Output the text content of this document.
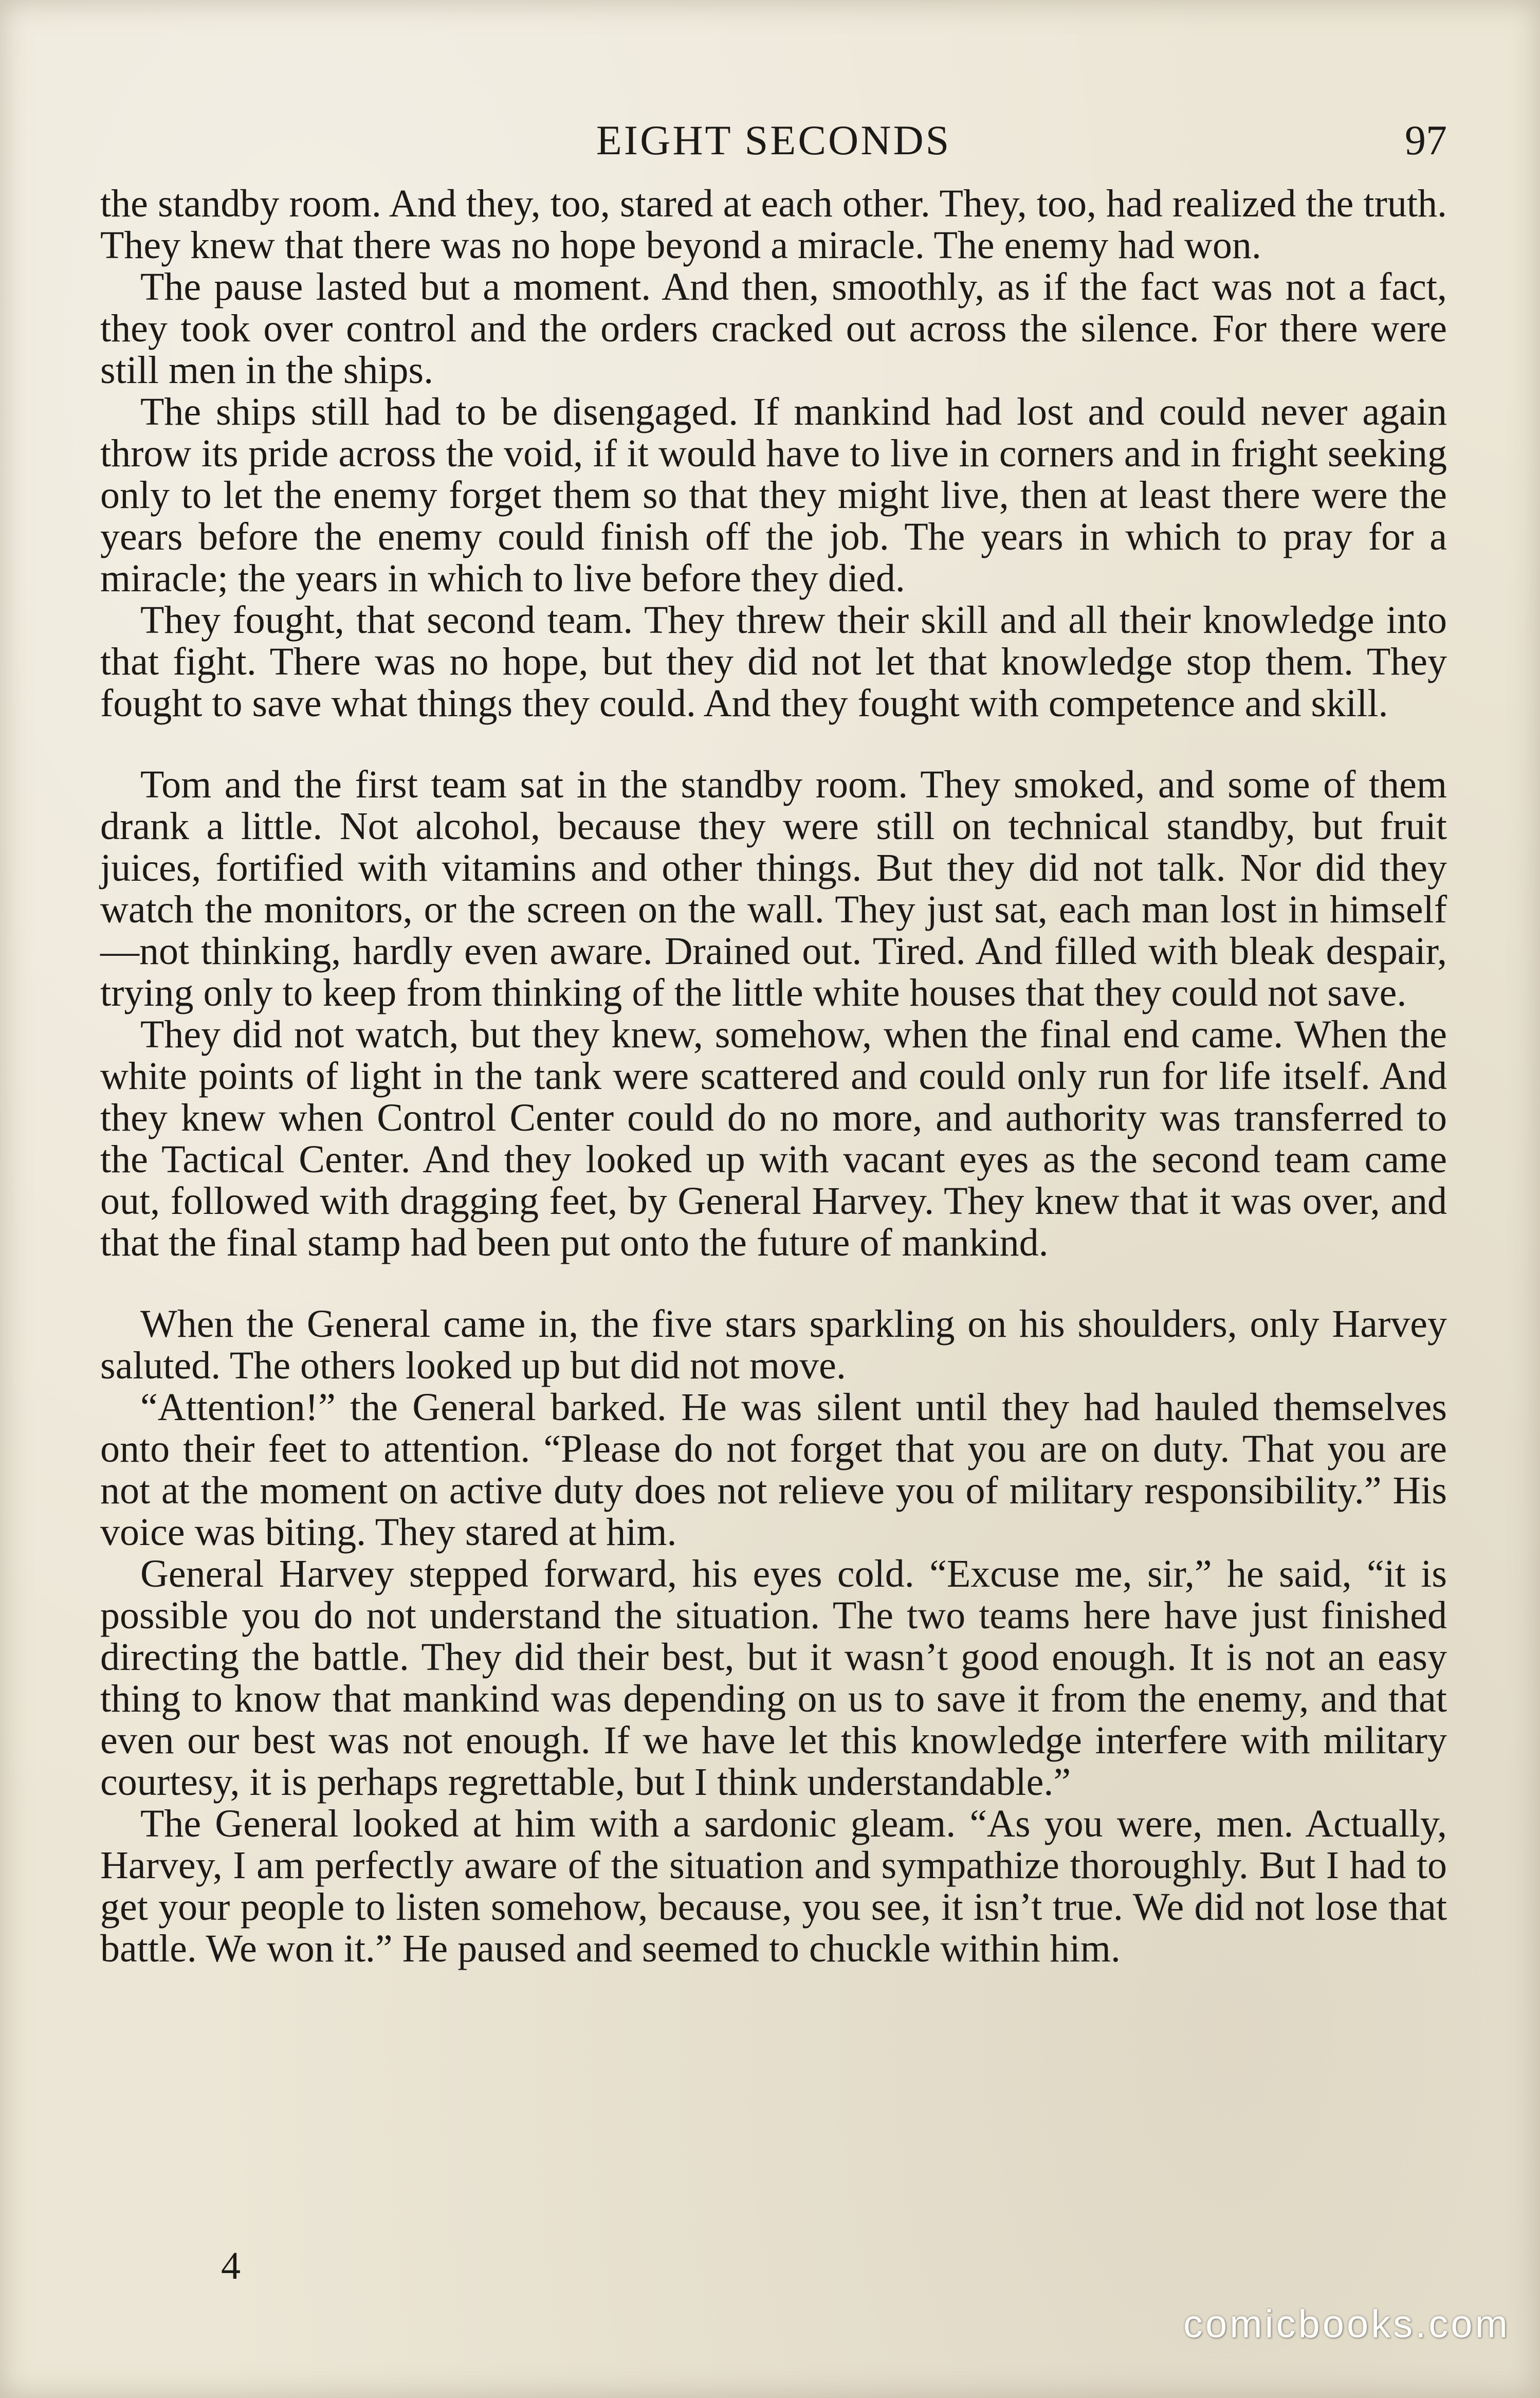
EIGHT SECONDS	97

the standby room. And they, too, stared at each other. They, too, had realized the truth. They knew that there was no hope beyond a miracle. The enemy had won.

The pause lasted but a moment. And then, smoothly, as if the fact was not a fact, they took over control and the orders cracked out across the silence. For there were still men in the ships.

The ships still had to be disengaged. If mankind had lost and could never again throw its pride across the void, if it would have to live in corners and in fright seeking only to let the enemy forget them so that they might live, then at least there were the years before the enemy could finish off the job. The years in which to pray for a miracle; the years in which to live before they died.

They fought, that second team. They threw their skill and all their knowledge into that fight. There was no hope, but they did not let that knowledge stop them. They fought to save what things they could. And they fought with competence and skill.

Tom and the first team sat in the standby room. They smoked, and some of them drank a little. Not alcohol, because they were still on technical standby, but fruit juices, fortified with vitamins and other things. But they did not talk. Nor did they watch the monitors, or the screen on the wall. They just sat, each man lost in himself—not thinking, hardly even aware. Drained out. Tired. And filled with bleak despair, trying only to keep from thinking of the little white houses that they could not save.

They did not watch, but they knew, somehow, when the final end came. When the white points of light in the tank were scattered and could only run for life itself. And they knew when Control Center could do no more, and authority was transferred to the Tactical Center. And they looked up with vacant eyes as the second team came out, followed with dragging feet, by General Harvey. They knew that it was over, and that the final stamp had been put onto the future of mankind.

When the General came in, the five stars sparkling on his shoulders, only Harvey saluted. The others looked up but did not move.

“Attention!” the General barked. He was silent until they had hauled themselves onto their feet to attention. “Please do not forget that you are on duty. That you are not at the moment on active duty does not relieve you of military responsibility.” His voice was biting. They stared at him.

General Harvey stepped forward, his eyes cold. “Excuse me, sir,” he said, “it is possible you do not understand the situation. The two teams here have just finished directing the battle. They did their best, but it wasn’t good enough. It is not an easy thing to know that mankind was depending on us to save it from the enemy, and that even our best was not enough. If we have let this knowledge interfere with military courtesy, it is perhaps regrettable, but I think understandable.”

The General looked at him with a sardonic gleam. “As you were, men. Actually, Harvey, I am perfectly aware of the situation and sympathize thoroughly. But I had to get your people to listen somehow, because, you see, it isn’t true. We did not lose that battle. We won it.” He paused and seemed to chuckle within him.

4
comicbooks.com
